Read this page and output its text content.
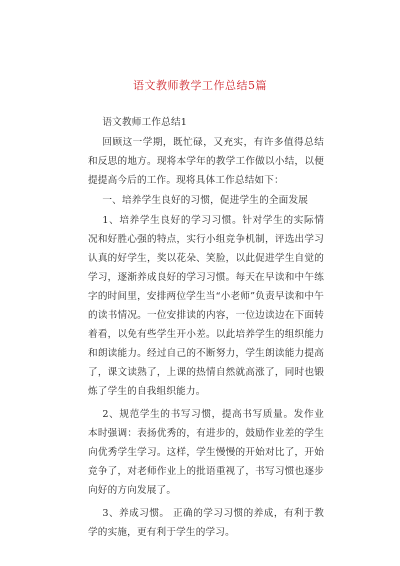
语文教师教学工作总结5篇
语文教师工作总结1
回顾这一学期，既忙碌，又充实，有许多值得总结和反思的地方。现将本学年的教学工作做以小结，以便提提高今后的工作。现将具体工作总结如下：
一、培养学生良好的习惯，促进学生的全面发展
1、培养学生良好的学习习惯。针对学生的实际情况和好胜心强的特点，实行小组竞争机制，评选出学习认真的好学生，奖以花朵、笑脸，以此促进学生自觉的学习，逐渐养成良好的学习习惯。每天在早读和中午练字的时间里，安排两位学生当“小老师”负责早读和中午的读书情况。一位安排读的内容，一位边读边在下面转着看，以免有些学生开小差。以此培养学生的组织能力和朗读能力。经过自己的不断努力，学生朗读能力提高了，课文读熟了，上课的热情自然就高涨了，同时也锻炼了学生的自我组织能力。
2、规范学生的书写习惯，提高书写质量。发作业本时强调：表扬优秀的，有进步的，鼓励作业差的学生向优秀学生学习。这样，学生慢慢的开始对比了，开始竞争了，对老师作业上的批语重视了，书写习惯也逐步向好的方向发展了。
3、养成习惯。 正确的学习习惯的养成，有利于教学的实施，更有利于学生的学习。
